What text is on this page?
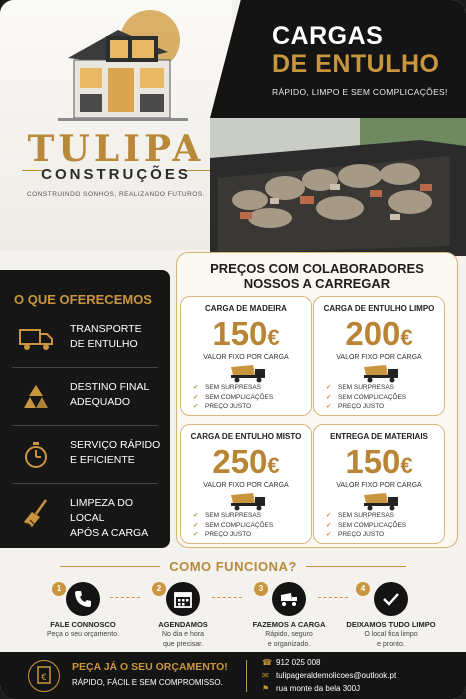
TULIPA
CONSTRUÇÕES
CONSTRUINDO SONHOS, REALIZANDO FUTUROS.
CARGAS
DE ENTULHO
RÁPIDO, LIMPO E SEM COMPLICAÇÕES!
O QUE OFERECEMOS
TRANSPORTE
DE ENTULHO
DESTINO FINAL
ADEQUADO
SERVIÇO RÁPIDO
E EFICIENTE
LIMPEZA DO LOCAL
APÓS A CARGA
PREÇOS COM COLABORADORES
NOSSOS A CARREGAR
CARGA DE MADEIRA
150€
VALOR FIXO POR CARGA
✔ SEM SURPRESAS
✔ SEM COMPLICAÇÕES
✔ PREÇO JUSTO
CARGA DE ENTULHO LIMPO
200€
VALOR FIXO POR CARGA
✔ SEM SURPRESAS
✔ SEM COMPLICAÇÕES
✔ PREÇO JUSTO
CARGA DE ENTULHO MISTO
250€
VALOR FIXO POR CARGA
✔ SEM SURPRESAS
✔ SEM COMPLICAÇÕES
✔ PREÇO JUSTO
ENTREGA DE MATERIAIS
150€
VALOR FIXO POR CARGA
✔ SEM SURPRESAS
✔ SEM COMPLICAÇÕES
✔ PREÇO JUSTO
COMO FUNCIONA?
1
FALE CONNOSCO
Peça o seu orçamento.
2
AGENDAMOS
No dia e hora
que precisar.
3
FAZEMOS A CARGA
Rápido, seguro
e organizado.
4
DEIXAMOS TUDO LIMPO
O local fica limpo
e pronto.
€
PEÇA JÁ O SEU ORÇAMENTO!
RÁPIDO, FÁCIL E SEM COMPROMISSO.
☎ 912 025 008
✉ tulipageraldemolicoes@outlook.pt
⚑ rua monte da bela 300J
